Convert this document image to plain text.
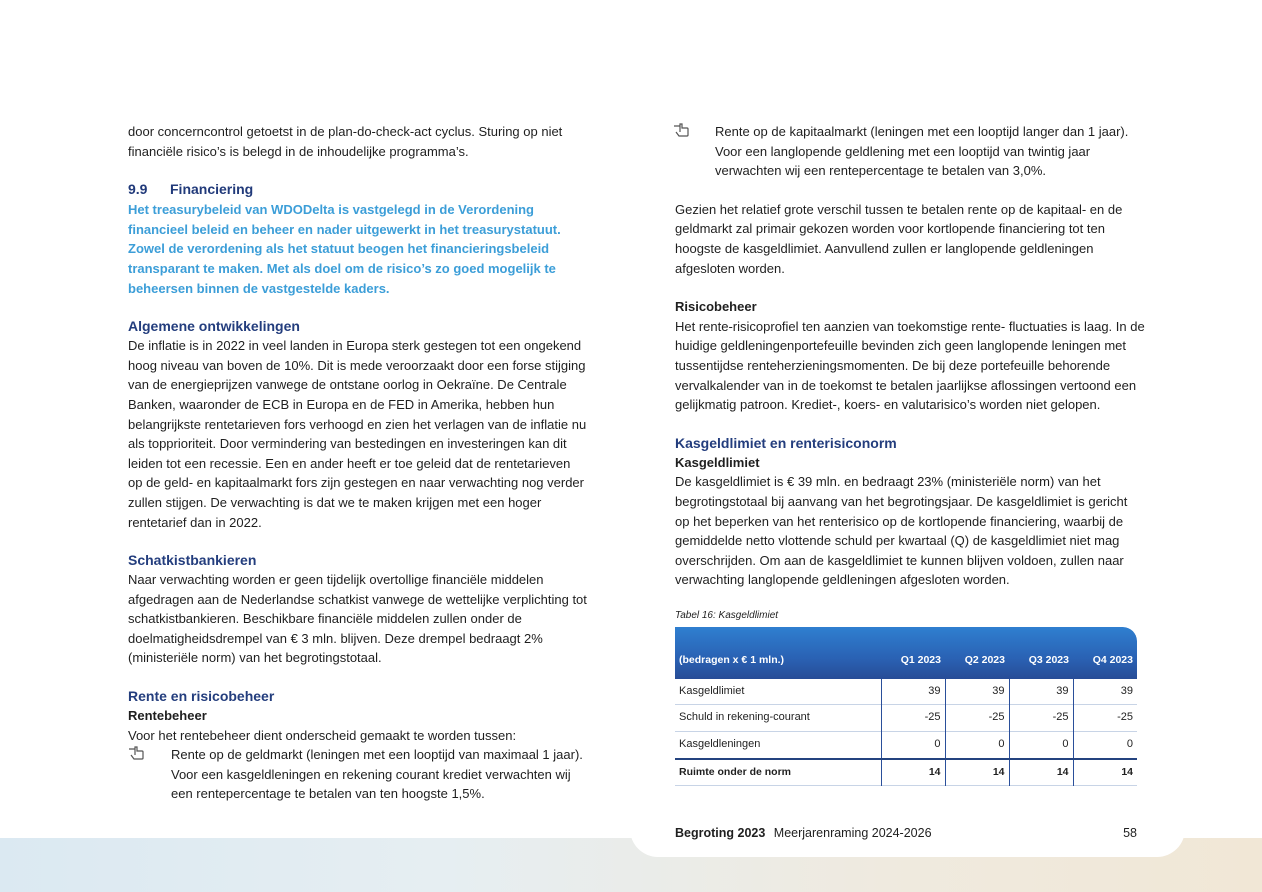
door concerncontrol getoetst in de plan-do-check-act cyclus. Sturing op niet financiële risico’s is belegd in de inhoudelijke programma’s.

9.9	Financiering

Het treasurybeleid van WDODelta is vastgelegd in de Verordening financieel beleid en beheer en nader uitgewerkt in het treasurystatuut. Zowel de verordening als het statuut beogen het financieringsbeleid transparant te maken. Met als doel om de risico’s zo goed mogelijk te beheersen binnen de vastgestelde kaders.

Algemene ontwikkelingen

De inflatie is in 2022 in veel landen in Europa sterk gestegen tot een ongekend hoog niveau van boven de 10%. Dit is mede veroorzaakt door een forse stijging van de energieprijzen vanwege de ontstane oorlog in Oekraïne. De Centrale Banken, waaronder de ECB in Europa en de FED in Amerika, hebben hun belangrijkste rentetarieven fors verhoogd en zien het verlagen van de inflatie nu als topprioriteit. Door vermindering van bestedingen en investeringen kan dit leiden tot een recessie. Een en ander heeft er toe geleid dat de rentetarieven op de geld- en kapitaalmarkt fors zijn gestegen en naar verwachting nog verder zullen stijgen. De verwachting is dat we te maken krijgen met een hoger rentetarief dan in 2022.

Schatkistbankieren

Naar verwachting worden er geen tijdelijk overtollige financiële middelen afgedragen aan de Nederlandse schatkist vanwege de wettelijke verplichting tot schatkistbankieren. Beschikbare financiële middelen zullen onder de doelmatigheidsdrempel van € 3 mln. blijven. Deze drempel bedraagt 2% (ministeriële norm) van het begrotingstotaal.

Rente en risicobeheer
Rentebeheer

Voor het rentebeheer dient onderscheid gemaakt te worden tussen:

Rente op de geldmarkt (leningen met een looptijd van maximaal 1 jaar). Voor een kasgeldleningen en rekening courant krediet verwachten wij een rentepercentage te betalen van ten hoogste 1,5%.
Rente op de kapitaalmarkt (leningen met een looptijd langer dan 1 jaar). Voor een langlopende geldlening met een looptijd van twintig jaar verwachten wij een rentepercentage te betalen van 3,0%.

Gezien het relatief grote verschil tussen te betalen rente op de kapitaal- en de geldmarkt zal primair gekozen worden voor kortlopende financiering tot ten hoogste de kasgeldlimiet. Aanvullend zullen er langlopende geldleningen afgesloten worden.

Risicobeheer

Het rente-risicoprofiel ten aanzien van toekomstige rente- fluctuaties is laag. In de huidige geldleningenportefeuille bevinden zich geen langlopende leningen met tussentijdse renteherzieningsmomenten. De bij deze portefeuille behorende vervalkalender van in de toekomst te betalen jaarlijkse aflossingen vertoond een gelijkmatig patroon. Krediet-, koers- en valutarisico’s worden niet gelopen.

Kasgeldlimiet en renterisiconorm
Kasgeldlimiet

De kasgeldlimiet is € 39 mln. en bedraagt 23% (ministeriële norm) van het begrotingstotaal bij aanvang van het begrotingsjaar. De kasgeldlimiet is gericht op het beperken van het renterisico op de kortlopende financiering, waarbij de gemiddelde netto vlottende schuld per kwartaal (Q) de kasgeldlimiet niet mag overschrijden. Om aan de kasgeldlimiet te kunnen blijven voldoen, zullen naar verwachting langlopende geldleningen afgesloten worden.

Tabel 16: Kasgeldlimiet
(bedragen x € 1 mln.)	Q1 2023	Q2 2023	Q3 2023	Q4 2023
Kasgeldlimiet	39	39	39	39
Schuld in rekening-courant	-25	-25	-25	-25
Kasgeldleningen	0	0	0	0
Ruimte onder de norm	14	14	14	14
Begroting 2023 Meerjarenraming 2024-2026	58
